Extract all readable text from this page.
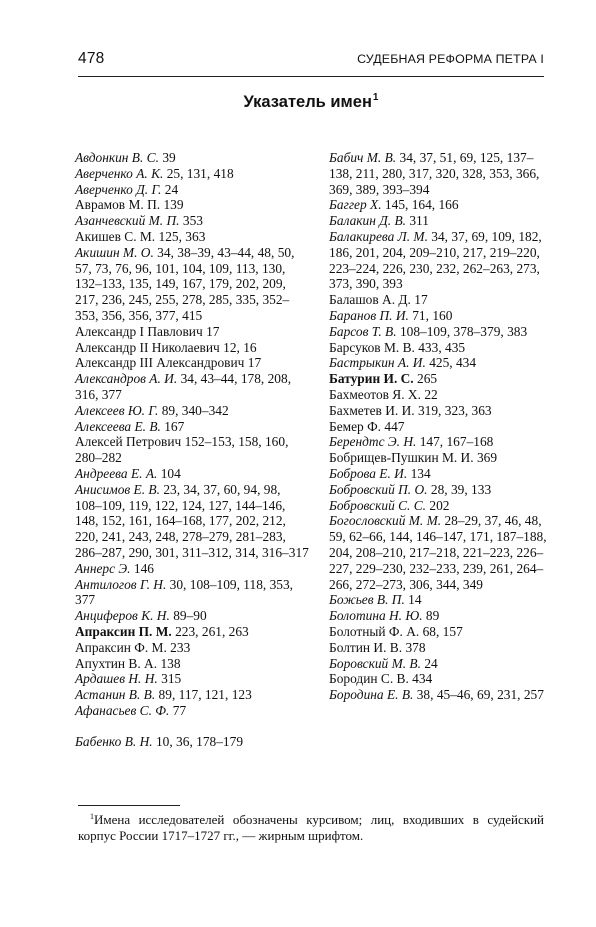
478	СУДЕБНАЯ РЕФОРМА ПЕТРА I
Указатель имен$^1$
Авдонкин В. С. 39
Аверченко А. К. 25, 131, 418
Аверченко Д. Г. 24
Аврамов М. П. 139
Азанчевский М. П. 353
Акишев С. М. 125, 363
Акишин М. О. 34, 38–39, 43–44, 48, 50, 57, 73, 76, 96, 101, 104, 109, 113, 130, 132–133, 135, 149, 167, 179, 202, 209, 217, 236, 245, 255, 278, 285, 335, 352–353, 356, 356, 377, 415
Александр I Павлович 17
Александр II Николаевич 12, 16
Александр III Александрович 17
Александров А. И. 34, 43–44, 178, 208, 316, 377
Алексеев Ю. Г. 89, 340–342
Алексеева Е. В. 167
Алексей Петрович 152–153, 158, 160, 280–282
Андреева Е. А. 104
Анисимов Е. В. 23, 34, 37, 60, 94, 98, 108–109, 119, 122, 124, 127, 144–146, 148, 152, 161, 164–168, 177, 202, 212, 220, 241, 243, 248, 278–279, 281–283, 286–287, 290, 301, 311–312, 314, 316–317
Аннерс Э. 146
Антилогов Г. Н. 30, 108–109, 118, 353, 377
Анциферов К. Н. 89–90
Апраксин П. М. 223, 261, 263
Апраксин Ф. М. 233
Апухтин В. А. 138
Ардашев Н. Н. 315
Астанин В. В. 89, 117, 121, 123
Афанасьев С. Ф. 77
Бабенко В. Н. 10, 36, 178–179
Бабич М. В. 34, 37, 51, 69, 125, 137–138, 211, 280, 317, 320, 328, 353, 366, 369, 389, 393–394
Баггер Х. 145, 164, 166
Балакин Д. В. 311
Балакирева Л. М. 34, 37, 69, 109, 182, 186, 201, 204, 209–210, 217, 219–220, 223–224, 226, 230, 232, 262–263, 273, 373, 390, 393
Балашов А. Д. 17
Баранов П. И. 71, 160
Барсов Т. В. 108–109, 378–379, 383
Барсуков М. В. 433, 435
Бастрыкин А. И. 425, 434
Батурин И. С. 265
Бахмеотов Я. Х. 22
Бахметев И. И. 319, 323, 363
Бемер Ф. 447
Берендтс Э. Н. 147, 167–168
Бобрищев-Пушкин М. И. 369
Боброва Е. И. 134
Бобровский П. О. 28, 39, 133
Бобровский С. С. 202
Богословский М. М. 28–29, 37, 46, 48, 59, 62–66, 144, 146–147, 171, 187–188, 204, 208–210, 217–218, 221–223, 226–227, 229–230, 232–233, 239, 261, 264–266, 272–273, 306, 344, 349
Божьев В. П. 14
Болотина Н. Ю. 89
Болотный Ф. А. 68, 157
Болтин И. В. 378
Боровский М. В. 24
Бородин С. В. 434
Бородина Е. В. 38, 45–46, 69, 231, 257
$^1$Имена исследователей обозначены курсивом; лиц, входивших в судейский корпус России 1717–1727 гг., — жирным шрифтом.
